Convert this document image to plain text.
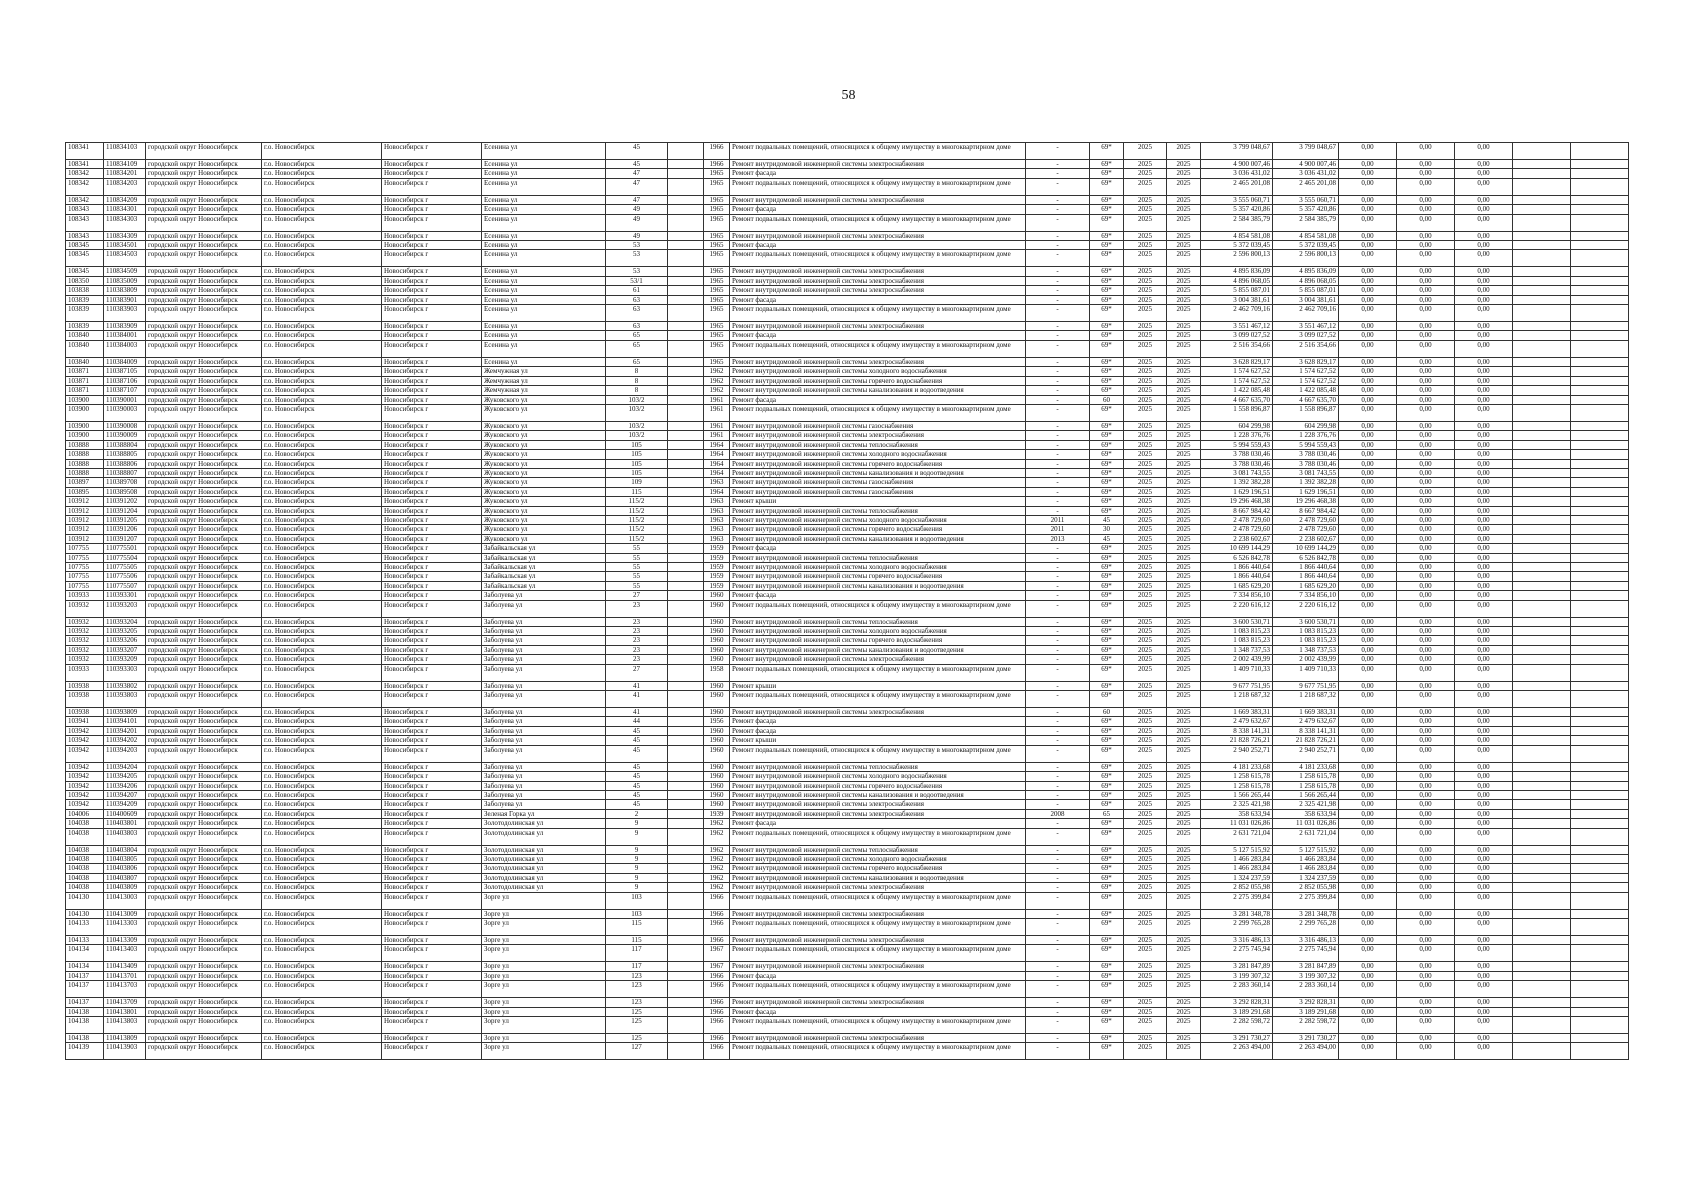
58
108341	110834103	городской округ Новосибирск	г.о. Новосибирск	Новосибирск г	Есенина ул	45		1966	Ремонт подвальных помещений, относящихся к общему имуществу в многоквартирном доме	-	69*	2025	2025	3 799 048,67	3 799 048,67	0,00	0,00	0,00			
108341	110834109	городской округ Новосибирск	г.о. Новосибирск	Новосибирск г	Есенина ул	45		1966	Ремонт внутридомовой инженерной системы электроснабжения	-	69*	2025	2025	4 900 007,46	4 900 007,46	0,00	0,00	0,00			
108342	110834201	городской округ Новосибирск	г.о. Новосибирск	Новосибирск г	Есенина ул	47		1965	Ремонт фасада	-	69*	2025	2025	3 036 431,02	3 036 431,02	0,00	0,00	0,00			
108342	110834203	городской округ Новосибирск	г.о. Новосибирск	Новосибирск г	Есенина ул	47		1965	Ремонт подвальных помещений, относящихся к общему имуществу в многоквартирном доме	-	69*	2025	2025	2 465 201,08	2 465 201,08	0,00	0,00	0,00			
108342	110834209	городской округ Новосибирск	г.о. Новосибирск	Новосибирск г	Есенина ул	47		1965	Ремонт внутридомовой инженерной системы электроснабжения	-	69*	2025	2025	3 555 060,71	3 555 060,71	0,00	0,00	0,00			
108343	110834301	городской округ Новосибирск	г.о. Новосибирск	Новосибирск г	Есенина ул	49		1965	Ремонт фасада	-	69*	2025	2025	5 357 420,86	5 357 420,86	0,00	0,00	0,00			
108343	110834303	городской округ Новосибирск	г.о. Новосибирск	Новосибирск г	Есенина ул	49		1965	Ремонт подвальных помещений, относящихся к общему имуществу в многоквартирном доме	-	69*	2025	2025	2 584 385,79	2 584 385,79	0,00	0,00	0,00			
108343	110834309	городской округ Новосибирск	г.о. Новосибирск	Новосибирск г	Есенина ул	49		1965	Ремонт внутридомовой инженерной системы электроснабжения	-	69*	2025	2025	4 854 581,08	4 854 581,08	0,00	0,00	0,00			
108345	110834501	городской округ Новосибирск	г.о. Новосибирск	Новосибирск г	Есенина ул	53		1965	Ремонт фасада	-	69*	2025	2025	5 372 039,45	5 372 039,45	0,00	0,00	0,00			
108345	110834503	городской округ Новосибирск	г.о. Новосибирск	Новосибирск г	Есенина ул	53		1965	Ремонт подвальных помещений, относящихся к общему имуществу в многоквартирном доме	-	69*	2025	2025	2 596 800,13	2 596 800,13	0,00	0,00	0,00			
108345	110834509	городской округ Новосибирск	г.о. Новосибирск	Новосибирск г	Есенина ул	53		1965	Ремонт внутридомовой инженерной системы электроснабжения	-	69*	2025	2025	4 895 836,09	4 895 836,09	0,00	0,00	0,00			
108350	110835009	городской округ Новосибирск	г.о. Новосибирск	Новосибирск г	Есенина ул	53/1		1965	Ремонт внутридомовой инженерной системы электроснабжения	-	69*	2025	2025	4 896 068,05	4 896 068,05	0,00	0,00	0,00			
103838	110383809	городской округ Новосибирск	г.о. Новосибирск	Новосибирск г	Есенина ул	61		1965	Ремонт внутридомовой инженерной системы электроснабжения	-	69*	2025	2025	5 855 087,01	5 855 087,01	0,00	0,00	0,00			
103839	110383901	городской округ Новосибирск	г.о. Новосибирск	Новосибирск г	Есенина ул	63		1965	Ремонт фасада	-	69*	2025	2025	3 004 381,61	3 004 381,61	0,00	0,00	0,00			
103839	110383903	городской округ Новосибирск	г.о. Новосибирск	Новосибирск г	Есенина ул	63		1965	Ремонт подвальных помещений, относящихся к общему имуществу в многоквартирном доме	-	69*	2025	2025	2 462 709,16	2 462 709,16	0,00	0,00	0,00			
103839	110383909	городской округ Новосибирск	г.о. Новосибирск	Новосибирск г	Есенина ул	63		1965	Ремонт внутридомовой инженерной системы электроснабжения	-	69*	2025	2025	3 551 467,12	3 551 467,12	0,00	0,00	0,00			
103840	110384001	городской округ Новосибирск	г.о. Новосибирск	Новосибирск г	Есенина ул	65		1965	Ремонт фасада	-	69*	2025	2025	3 099 027,52	3 099 027,52	0,00	0,00	0,00			
103840	110384003	городской округ Новосибирск	г.о. Новосибирск	Новосибирск г	Есенина ул	65		1965	Ремонт подвальных помещений, относящихся к общему имуществу в многоквартирном доме	-	69*	2025	2025	2 516 354,66	2 516 354,66	0,00	0,00	0,00			
103840	110384009	городской округ Новосибирск	г.о. Новосибирск	Новосибирск г	Есенина ул	65		1965	Ремонт внутридомовой инженерной системы электроснабжения	-	69*	2025	2025	3 628 829,17	3 628 829,17	0,00	0,00	0,00			
103871	110387105	городской округ Новосибирск	г.о. Новосибирск	Новосибирск г	Жемчужная ул	8		1962	Ремонт внутридомовой инженерной системы холодного водоснабжения	-	69*	2025	2025	1 574 627,52	1 574 627,52	0,00	0,00	0,00			
103871	110387106	городской округ Новосибирск	г.о. Новосибирск	Новосибирск г	Жемчужная ул	8		1962	Ремонт внутридомовой инженерной системы горячего водоснабжения	-	69*	2025	2025	1 574 627,52	1 574 627,52	0,00	0,00	0,00			
103871	110387107	городской округ Новосибирск	г.о. Новосибирск	Новосибирск г	Жемчужная ул	8		1962	Ремонт внутридомовой инженерной системы канализования и водоотведения	-	69*	2025	2025	1 422 085,48	1 422 085,48	0,00	0,00	0,00			
103900	110390001	городской округ Новосибирск	г.о. Новосибирск	Новосибирск г	Жуковского ул	103/2		1961	Ремонт фасада	-	60	2025	2025	4 667 635,70	4 667 635,70	0,00	0,00	0,00			
103900	110390003	городской округ Новосибирск	г.о. Новосибирск	Новосибирск г	Жуковского ул	103/2		1961	Ремонт подвальных помещений, относящихся к общему имуществу в многоквартирном доме	-	69*	2025	2025	1 558 896,87	1 558 896,87	0,00	0,00	0,00			
103900	110390008	городской округ Новосибирск	г.о. Новосибирск	Новосибирск г	Жуковского ул	103/2		1961	Ремонт внутридомовой инженерной системы газоснабжения	-	69*	2025	2025	604 299,98	604 299,98	0,00	0,00	0,00			
103900	110390009	городской округ Новосибирск	г.о. Новосибирск	Новосибирск г	Жуковского ул	103/2		1961	Ремонт внутридомовой инженерной системы электроснабжения	-	69*	2025	2025	1 228 376,76	1 228 376,76	0,00	0,00	0,00			
103888	110388804	городской округ Новосибирск	г.о. Новосибирск	Новосибирск г	Жуковского ул	105		1964	Ремонт внутридомовой инженерной системы теплоснабжения	-	69*	2025	2025	5 994 559,43	5 994 559,43	0,00	0,00	0,00			
103888	110388805	городской округ Новосибирск	г.о. Новосибирск	Новосибирск г	Жуковского ул	105		1964	Ремонт внутридомовой инженерной системы холодного водоснабжения	-	69*	2025	2025	3 788 030,46	3 788 030,46	0,00	0,00	0,00			
103888	110388806	городской округ Новосибирск	г.о. Новосибирск	Новосибирск г	Жуковского ул	105		1964	Ремонт внутридомовой инженерной системы горячего водоснабжения	-	69*	2025	2025	3 788 030,46	3 788 030,46	0,00	0,00	0,00			
103888	110388807	городской округ Новосибирск	г.о. Новосибирск	Новосибирск г	Жуковского ул	105		1964	Ремонт внутридомовой инженерной системы канализования и водоотведения	-	69*	2025	2025	3 081 743,55	3 081 743,55	0,00	0,00	0,00			
103897	110389708	городской округ Новосибирск	г.о. Новосибирск	Новосибирск г	Жуковского ул	109		1963	Ремонт внутридомовой инженерной системы газоснабжения	-	69*	2025	2025	1 392 382,28	1 392 382,28	0,00	0,00	0,00			
103895	110389508	городской округ Новосибирск	г.о. Новосибирск	Новосибирск г	Жуковского ул	115		1964	Ремонт внутридомовой инженерной системы газоснабжения	-	69*	2025	2025	1 629 196,51	1 629 196,51	0,00	0,00	0,00			
103912	110391202	городской округ Новосибирск	г.о. Новосибирск	Новосибирск г	Жуковского ул	115/2		1963	Ремонт крыши	-	69*	2025	2025	19 296 468,38	19 296 468,38	0,00	0,00	0,00			
103912	110391204	городской округ Новосибирск	г.о. Новосибирск	Новосибирск г	Жуковского ул	115/2		1963	Ремонт внутридомовой инженерной системы теплоснабжения	-	69*	2025	2025	8 667 984,42	8 667 984,42	0,00	0,00	0,00			
103912	110391205	городской округ Новосибирск	г.о. Новосибирск	Новосибирск г	Жуковского ул	115/2		1963	Ремонт внутридомовой инженерной системы холодного водоснабжения	2011	45	2025	2025	2 478 729,60	2 478 729,60	0,00	0,00	0,00			
103912	110391206	городской округ Новосибирск	г.о. Новосибирск	Новосибирск г	Жуковского ул	115/2		1963	Ремонт внутридомовой инженерной системы горячего водоснабжения	2011	30	2025	2025	2 478 729,60	2 478 729,60	0,00	0,00	0,00			
103912	110391207	городской округ Новосибирск	г.о. Новосибирск	Новосибирск г	Жуковского ул	115/2		1963	Ремонт внутридомовой инженерной системы канализования и водоотведения	2013	45	2025	2025	2 238 602,67	2 238 602,67	0,00	0,00	0,00			
107755	110775501	городской округ Новосибирск	г.о. Новосибирск	Новосибирск г	Забайкальская ул	55		1959	Ремонт фасада	-	69*	2025	2025	10 699 144,29	10 699 144,29	0,00	0,00	0,00			
107755	110775504	городской округ Новосибирск	г.о. Новосибирск	Новосибирск г	Забайкальская ул	55		1959	Ремонт внутридомовой инженерной системы теплоснабжения	-	69*	2025	2025	6 526 842,78	6 526 842,78	0,00	0,00	0,00			
107755	110775505	городской округ Новосибирск	г.о. Новосибирск	Новосибирск г	Забайкальская ул	55		1959	Ремонт внутридомовой инженерной системы холодного водоснабжения	-	69*	2025	2025	1 866 440,64	1 866 440,64	0,00	0,00	0,00			
107755	110775506	городской округ Новосибирск	г.о. Новосибирск	Новосибирск г	Забайкальская ул	55		1959	Ремонт внутридомовой инженерной системы горячего водоснабжения	-	69*	2025	2025	1 866 440,64	1 866 440,64	0,00	0,00	0,00			
107755	110775507	городской округ Новосибирск	г.о. Новосибирск	Новосибирск г	Забайкальская ул	55		1959	Ремонт внутридомовой инженерной системы канализования и водоотведения	-	69*	2025	2025	1 685 629,20	1 685 629,20	0,00	0,00	0,00			
103933	110393301	городской округ Новосибирск	г.о. Новосибирск	Новосибирск г	Заболуева ул	27		1960	Ремонт фасада	-	69*	2025	2025	7 334 856,10	7 334 856,10	0,00	0,00	0,00			
103932	110393203	городской округ Новосибирск	г.о. Новосибирск	Новосибирск г	Заболуева ул	23		1960	Ремонт подвальных помещений, относящихся к общему имуществу в многоквартирном доме	-	69*	2025	2025	2 220 616,12	2 220 616,12	0,00	0,00	0,00			
103932	110393204	городской округ Новосибирск	г.о. Новосибирск	Новосибирск г	Заболуева ул	23		1960	Ремонт внутридомовой инженерной системы теплоснабжения	-	69*	2025	2025	3 600 530,71	3 600 530,71	0,00	0,00	0,00			
103932	110393205	городской округ Новосибирск	г.о. Новосибирск	Новосибирск г	Заболуева ул	23		1960	Ремонт внутридомовой инженерной системы холодного водоснабжения	-	69*	2025	2025	1 083 815,23	1 083 815,23	0,00	0,00	0,00			
103932	110393206	городской округ Новосибирск	г.о. Новосибирск	Новосибирск г	Заболуева ул	23		1960	Ремонт внутридомовой инженерной системы горячего водоснабжения	-	69*	2025	2025	1 083 815,23	1 083 815,23	0,00	0,00	0,00			
103932	110393207	городской округ Новосибирск	г.о. Новосибирск	Новосибирск г	Заболуева ул	23		1960	Ремонт внутридомовой инженерной системы канализования и водоотведения	-	69*	2025	2025	1 348 737,53	1 348 737,53	0,00	0,00	0,00			
103932	110393209	городской округ Новосибирск	г.о. Новосибирск	Новосибирск г	Заболуева ул	23		1960	Ремонт внутридомовой инженерной системы электроснабжения	-	69*	2025	2025	2 002 439,99	2 002 439,99	0,00	0,00	0,00			
103933	110393303	городской округ Новосибирск	г.о. Новосибирск	Новосибирск г	Заболуева ул	27		1958	Ремонт подвальных помещений, относящихся к общему имуществу в многоквартирном доме	-	69*	2025	2025	1 409 710,33	1 409 710,33	0,00	0,00	0,00			
103938	110393802	городской округ Новосибирск	г.о. Новосибирск	Новосибирск г	Заболуева ул	41		1960	Ремонт крыши	-	69*	2025	2025	9 677 751,95	9 677 751,95	0,00	0,00	0,00			
103938	110393803	городской округ Новосибирск	г.о. Новосибирск	Новосибирск г	Заболуева ул	41		1960	Ремонт подвальных помещений, относящихся к общему имуществу в многоквартирном доме	-	69*	2025	2025	1 218 687,32	1 218 687,32	0,00	0,00	0,00			
103938	110393809	городской округ Новосибирск	г.о. Новосибирск	Новосибирск г	Заболуева ул	41		1960	Ремонт внутридомовой инженерной системы электроснабжения	-	60	2025	2025	1 669 383,31	1 669 383,31	0,00	0,00	0,00			
103941	110394101	городской округ Новосибирск	г.о. Новосибирск	Новосибирск г	Заболуева ул	44		1956	Ремонт фасада	-	69*	2025	2025	2 479 632,67	2 479 632,67	0,00	0,00	0,00			
103942	110394201	городской округ Новосибирск	г.о. Новосибирск	Новосибирск г	Заболуева ул	45		1960	Ремонт фасада	-	69*	2025	2025	8 338 141,31	8 338 141,31	0,00	0,00	0,00			
103942	110394202	городской округ Новосибирск	г.о. Новосибирск	Новосибирск г	Заболуева ул	45		1960	Ремонт крыши	-	69*	2025	2025	21 828 726,21	21 828 726,21	0,00	0,00	0,00			
103942	110394203	городской округ Новосибирск	г.о. Новосибирск	Новосибирск г	Заболуева ул	45		1960	Ремонт подвальных помещений, относящихся к общему имуществу в многоквартирном доме	-	69*	2025	2025	2 940 252,71	2 940 252,71	0,00	0,00	0,00			
103942	110394204	городской округ Новосибирск	г.о. Новосибирск	Новосибирск г	Заболуева ул	45		1960	Ремонт внутридомовой инженерной системы теплоснабжения	-	69*	2025	2025	4 181 233,68	4 181 233,68	0,00	0,00	0,00			
103942	110394205	городской округ Новосибирск	г.о. Новосибирск	Новосибирск г	Заболуева ул	45		1960	Ремонт внутридомовой инженерной системы холодного водоснабжения	-	69*	2025	2025	1 258 615,78	1 258 615,78	0,00	0,00	0,00			
103942	110394206	городской округ Новосибирск	г.о. Новосибирск	Новосибирск г	Заболуева ул	45		1960	Ремонт внутридомовой инженерной системы горячего водоснабжения	-	69*	2025	2025	1 258 615,78	1 258 615,78	0,00	0,00	0,00			
103942	110394207	городской округ Новосибирск	г.о. Новосибирск	Новосибирск г	Заболуева ул	45		1960	Ремонт внутридомовой инженерной системы канализования и водоотведения	-	69*	2025	2025	1 566 265,44	1 566 265,44	0,00	0,00	0,00			
103942	110394209	городской округ Новосибирск	г.о. Новосибирск	Новосибирск г	Заболуева ул	45		1960	Ремонт внутридомовой инженерной системы электроснабжения	-	69*	2025	2025	2 325 421,98	2 325 421,98	0,00	0,00	0,00			
104006	110400609	городской округ Новосибирск	г.о. Новосибирск	Новосибирск г	Зеленая Горка ул	2		1939	Ремонт внутридомовой инженерной системы электроснабжения	2008	65	2025	2025	358 633,94	358 633,94	0,00	0,00	0,00			
104038	110403801	городской округ Новосибирск	г.о. Новосибирск	Новосибирск г	Золотодолинская ул	9		1962	Ремонт фасада	-	69*	2025	2025	11 031 026,86	11 031 026,86	0,00	0,00	0,00			
104038	110403803	городской округ Новосибирск	г.о. Новосибирск	Новосибирск г	Золотодолинская ул	9		1962	Ремонт подвальных помещений, относящихся к общему имуществу в многоквартирном доме	-	69*	2025	2025	2 631 721,04	2 631 721,04	0,00	0,00	0,00			
104038	110403804	городской округ Новосибирск	г.о. Новосибирск	Новосибирск г	Золотодолинская ул	9		1962	Ремонт внутридомовой инженерной системы теплоснабжения	-	69*	2025	2025	5 127 515,92	5 127 515,92	0,00	0,00	0,00			
104038	110403805	городской округ Новосибирск	г.о. Новосибирск	Новосибирск г	Золотодолинская ул	9		1962	Ремонт внутридомовой инженерной системы холодного водоснабжения	-	69*	2025	2025	1 466 283,84	1 466 283,84	0,00	0,00	0,00			
104038	110403806	городской округ Новосибирск	г.о. Новосибирск	Новосибирск г	Золотодолинская ул	9		1962	Ремонт внутридомовой инженерной системы горячего водоснабжения	-	69*	2025	2025	1 466 283,84	1 466 283,84	0,00	0,00	0,00			
104038	110403807	городской округ Новосибирск	г.о. Новосибирск	Новосибирск г	Золотодолинская ул	9		1962	Ремонт внутридомовой инженерной системы канализования и водоотведения	-	69*	2025	2025	1 324 237,59	1 324 237,59	0,00	0,00	0,00			
104038	110403809	городской округ Новосибирск	г.о. Новосибирск	Новосибирск г	Золотодолинская ул	9		1962	Ремонт внутридомовой инженерной системы электроснабжения	-	69*	2025	2025	2 852 055,98	2 852 055,98	0,00	0,00	0,00			
104130	110413003	городской округ Новосибирск	г.о. Новосибирск	Новосибирск г	Зорге ул	103		1966	Ремонт подвальных помещений, относящихся к общему имуществу в многоквартирном доме	-	69*	2025	2025	2 275 399,84	2 275 399,84	0,00	0,00	0,00			
104130	110413009	городской округ Новосибирск	г.о. Новосибирск	Новосибирск г	Зорге ул	103		1966	Ремонт внутридомовой инженерной системы электроснабжения	-	69*	2025	2025	3 281 348,78	3 281 348,78	0,00	0,00	0,00			
104133	110413303	городской округ Новосибирск	г.о. Новосибирск	Новосибирск г	Зорге ул	115		1966	Ремонт подвальных помещений, относящихся к общему имуществу в многоквартирном доме	-	69*	2025	2025	2 299 765,28	2 299 765,28	0,00	0,00	0,00			
104133	110413309	городской округ Новосибирск	г.о. Новосибирск	Новосибирск г	Зорге ул	115		1966	Ремонт внутридомовой инженерной системы электроснабжения	-	69*	2025	2025	3 316 486,13	3 316 486,13	0,00	0,00	0,00			
104134	110413403	городской округ Новосибирск	г.о. Новосибирск	Новосибирск г	Зорге ул	117		1967	Ремонт подвальных помещений, относящихся к общему имуществу в многоквартирном доме	-	69*	2025	2025	2 275 745,94	2 275 745,94	0,00	0,00	0,00			
104134	110413409	городской округ Новосибирск	г.о. Новосибирск	Новосибирск г	Зорге ул	117		1967	Ремонт внутридомовой инженерной системы электроснабжения	-	69*	2025	2025	3 281 847,89	3 281 847,89	0,00	0,00	0,00			
104137	110413701	городской округ Новосибирск	г.о. Новосибирск	Новосибирск г	Зорге ул	123		1966	Ремонт фасада	-	69*	2025	2025	3 199 307,32	3 199 307,32	0,00	0,00	0,00			
104137	110413703	городской округ Новосибирск	г.о. Новосибирск	Новосибирск г	Зорге ул	123		1966	Ремонт подвальных помещений, относящихся к общему имуществу в многоквартирном доме	-	69*	2025	2025	2 283 360,14	2 283 360,14	0,00	0,00	0,00			
104137	110413709	городской округ Новосибирск	г.о. Новосибирск	Новосибирск г	Зорге ул	123		1966	Ремонт внутридомовой инженерной системы электроснабжения	-	69*	2025	2025	3 292 828,31	3 292 828,31	0,00	0,00	0,00			
104138	110413801	городской округ Новосибирск	г.о. Новосибирск	Новосибирск г	Зорге ул	125		1966	Ремонт фасада	-	69*	2025	2025	3 189 291,68	3 189 291,68	0,00	0,00	0,00			
104138	110413803	городской округ Новосибирск	г.о. Новосибирск	Новосибирск г	Зорге ул	125		1966	Ремонт подвальных помещений, относящихся к общему имуществу в многоквартирном доме	-	69*	2025	2025	2 282 598,72	2 282 598,72	0,00	0,00	0,00			
104138	110413809	городской округ Новосибирск	г.о. Новосибирск	Новосибирск г	Зорге ул	125		1966	Ремонт внутридомовой инженерной системы электроснабжения	-	69*	2025	2025	3 291 730,27	3 291 730,27	0,00	0,00	0,00			
104139	110413903	городской округ Новосибирск	г.о. Новосибирск	Новосибирск г	Зорге ул	127		1966	Ремонт подвальных помещений, относящихся к общему имуществу в многоквартирном доме	-	69*	2025	2025	2 263 494,00	2 263 494,00	0,00	0,00	0,00			
